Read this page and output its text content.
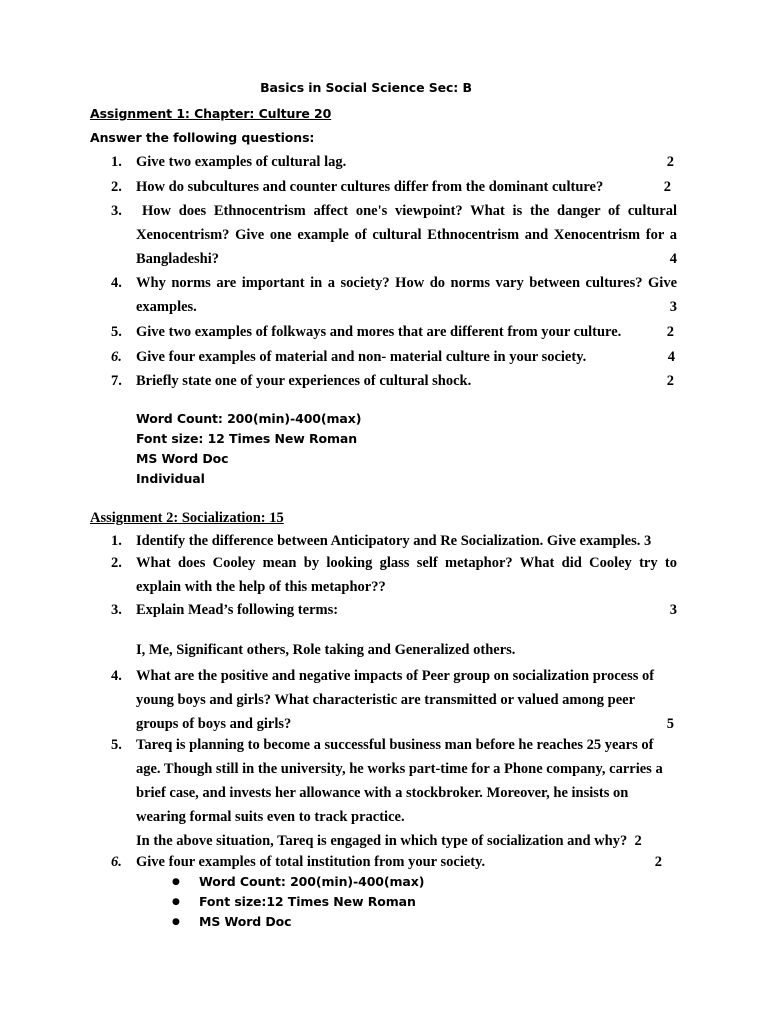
Basics in Social Science Sec: B
Assignment 1: Chapter: Culture 20
Answer the following questions:
1. Give two examples of cultural lag.	2
2. How do subcultures and counter cultures differ from the dominant culture?	2
3.	How does Ethnocentrism affect one's viewpoint? What is the danger of cultural Xenocentrism? Give one example of cultural Ethnocentrism and Xenocentrism for a Bangladeshi?	4
4. Why norms are important in a society? How do norms vary between cultures? Give examples.	3
5. Give two examples of folkways and mores that are different from your culture.	2
6. Give four examples of material and non- material culture in your society.	4
7. Briefly state one of your experiences of cultural shock.	2
Word Count: 200(min)-400(max)
Font size: 12 Times New Roman
MS Word Doc
Individual
Assignment 2: Socialization: 15
1. Identify the difference between Anticipatory and Re Socialization. Give examples. 3
2. What does Cooley mean by looking glass self metaphor? What did Cooley try to explain with the help of this metaphor??
3. Explain Mead’s following terms:	3
I, Me, Significant others, Role taking and Generalized others.
4. What are the positive and negative impacts of Peer group on socialization process of young boys and girls? What characteristic are transmitted or valued among peer groups of boys and girls?	5
5. Tareq is planning to become a successful business man before he reaches 25 years of age. Though still in the university, he works part-time for a Phone company, carries a brief case, and invests her allowance with a stockbroker. Moreover, he insists on wearing formal suits even to track practice.
In the above situation, Tareq is engaged in which type of socialization and why? 2
6. Give four examples of total institution from your society.	2
● Word Count: 200(min)-400(max)
● Font size:12 Times New Roman
● MS Word Doc
